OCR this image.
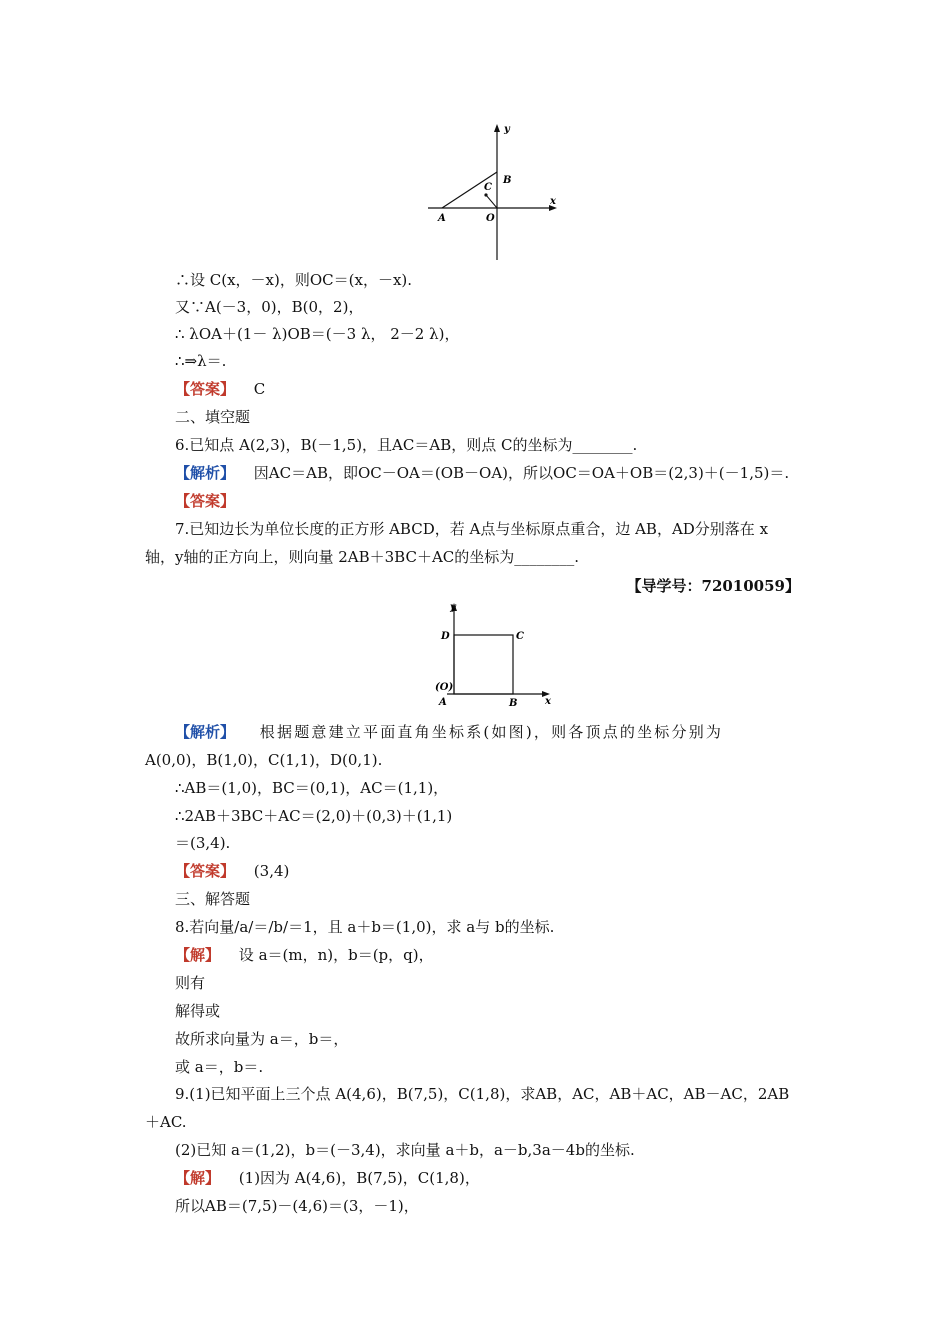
y
x
A	O
B
C
∴设 C(x，－x)，则OC＝(x，－x).
又∵A(－3，0)，B(0，2)，
∴ λOA＋(1－ λ)OB＝(－3 λ， 2－2 λ)，
∴⇒λ＝.
【答案】 C
二、填空题
6.已知点 A(2,3)，B(－1,5)，且AC＝AB，则点 C的坐标为________.
【解析】 因AC＝AB，即OC－OA＝(OB－OA)，所以OC＝OA＋OB＝(2,3)＋(－1,5)＝.
【答案】
7.已知边长为单位长度的正方形 ABCD，若 A点与坐标原点重合，边 AB，AD分别落在 x
轴，y轴的正方向上，则向量 2AB＋3BC＋AC的坐标为________.
【导学号：72010059】
y
x
D	C
(O)
A	B
【解析】 根据题意建立平面直角坐标系(如图)，则各顶点的坐标分别为
A(0,0)，B(1,0)，C(1,1)，D(0,1).
∴AB＝(1,0)，BC＝(0,1)，AC＝(1,1)，
∴2AB＋3BC＋AC＝(2,0)＋(0,3)＋(1,1)
＝(3,4).
【答案】 (3,4)
三、解答题
8.若向量/a/＝/b/＝1，且 a＋b＝(1,0)，求 a与 b的坐标.
【解】 设 a＝(m，n)，b＝(p，q)，
则有
解得或
故所求向量为 a＝，b＝，
或 a＝，b＝.
9.(1)已知平面上三个点 A(4,6)，B(7,5)，C(1,8)，求AB，AC，AB＋AC，AB－AC，2AB
＋AC.
(2)已知 a＝(1,2)，b＝(－3,4)，求向量 a＋b，a－b,3a－4b的坐标.
【解】 (1)因为 A(4,6)，B(7,5)，C(1,8)，
所以AB＝(7,5)－(4,6)＝(3，－1)，
